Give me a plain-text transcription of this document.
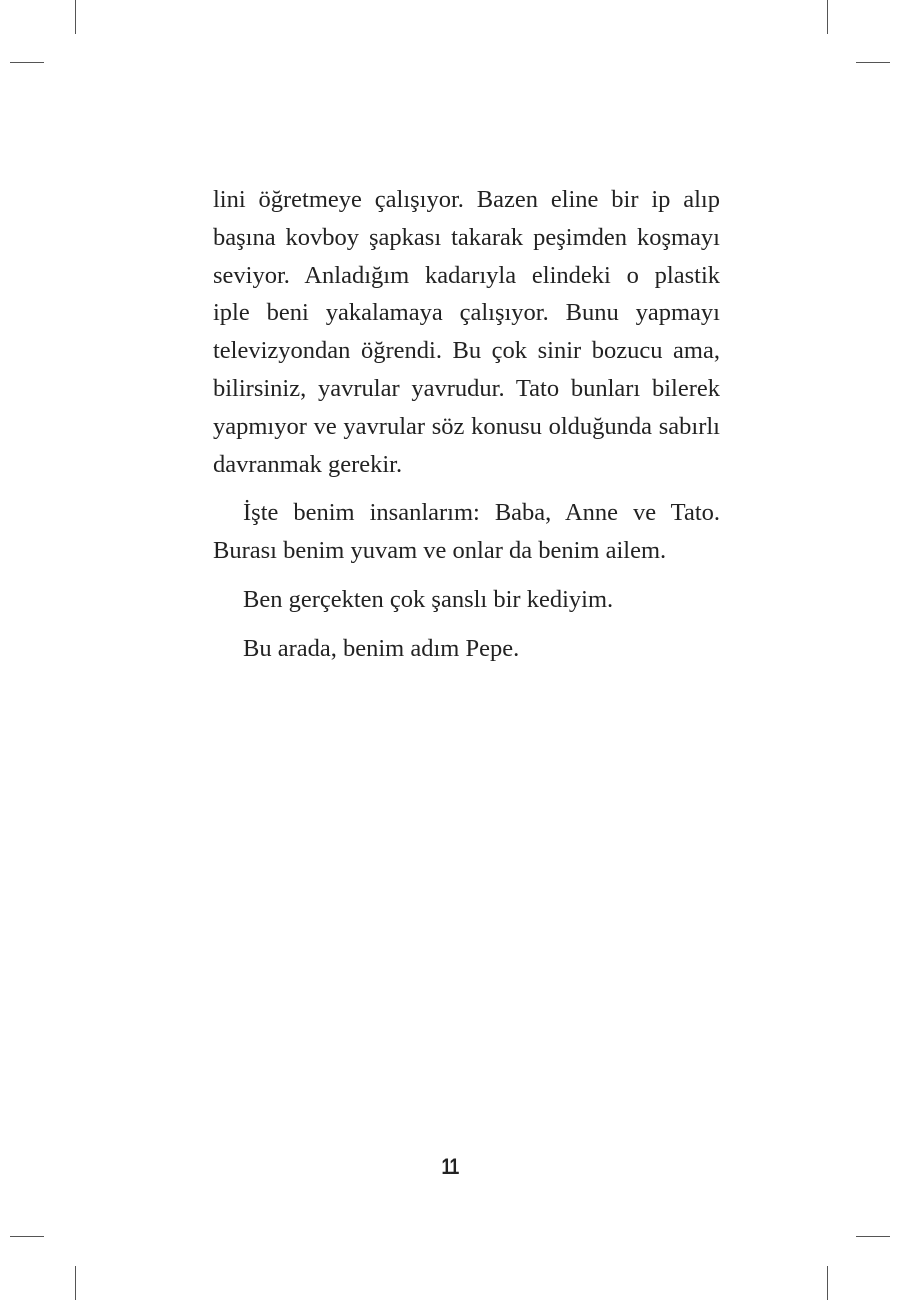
lini öğretmeye çalışıyor. Bazen eline bir ip alıp
başına kovboy şapkası takarak peşimden koşmayı
seviyor. Anladığım kadarıyla elindeki o plastik
iple beni yakalamaya çalışıyor. Bunu yapmayı
televizyondan öğrendi. Bu çok sinir bozucu ama,
bilirsiniz, yavrular yavrudur. Tato bunları bilerek
yapmıyor ve yavrular söz konusu olduğunda sabırlı
davranmak gerekir.

İşte benim insanlarım: Baba, Anne ve Tato.
Burası benim yuvam ve onlar da benim ailem.

Ben gerçekten çok şanslı bir kediyim.

Bu arada, benim adım Pepe.

11
